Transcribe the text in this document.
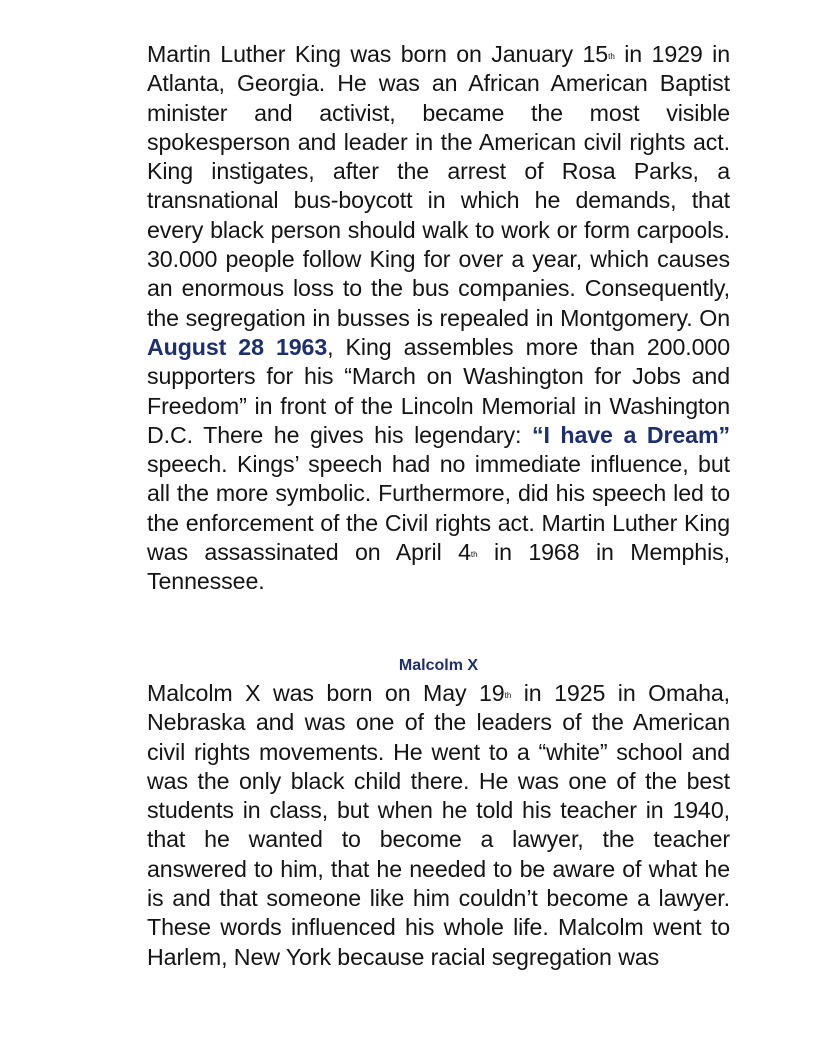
Martin Luther King was born on January 15th in 1929 in Atlanta, Georgia. He was an African American Baptist minister and activist, became the most visible spokesperson and leader in the American civil rights act. King instigates, after the arrest of Rosa Parks, a transnational bus-boycott in which he demands, that every black person should walk to work or form carpools. 30.000 people follow King for over a year, which causes an enormous loss to the bus companies. Consequently, the segregation in busses is repealed in Montgomery. On August 28 1963, King assembles more than 200.000 supporters for his “March on Washington for Jobs and Freedom” in front of the Lincoln Memorial in Washington D.C. There he gives his legendary: “I have a Dream” speech. Kings’ speech had no immediate influence, but all the more symbolic. Furthermore, did his speech led to the enforcement of the Civil rights act. Martin Luther King was assassinated on April 4th in 1968 in Memphis, Tennessee.

Malcolm X

Malcolm X was born on May 19th in 1925 in Omaha, Nebraska and was one of the leaders of the American civil rights movements. He went to a “white” school and was the only black child there. He was one of the best students in class, but when he told his teacher in 1940, that he wanted to become a lawyer, the teacher answered to him, that he needed to be aware of what he is and that someone like him couldn’t become a lawyer. These words influenced his whole life. Malcolm went to Harlem, New York because racial segregation was
